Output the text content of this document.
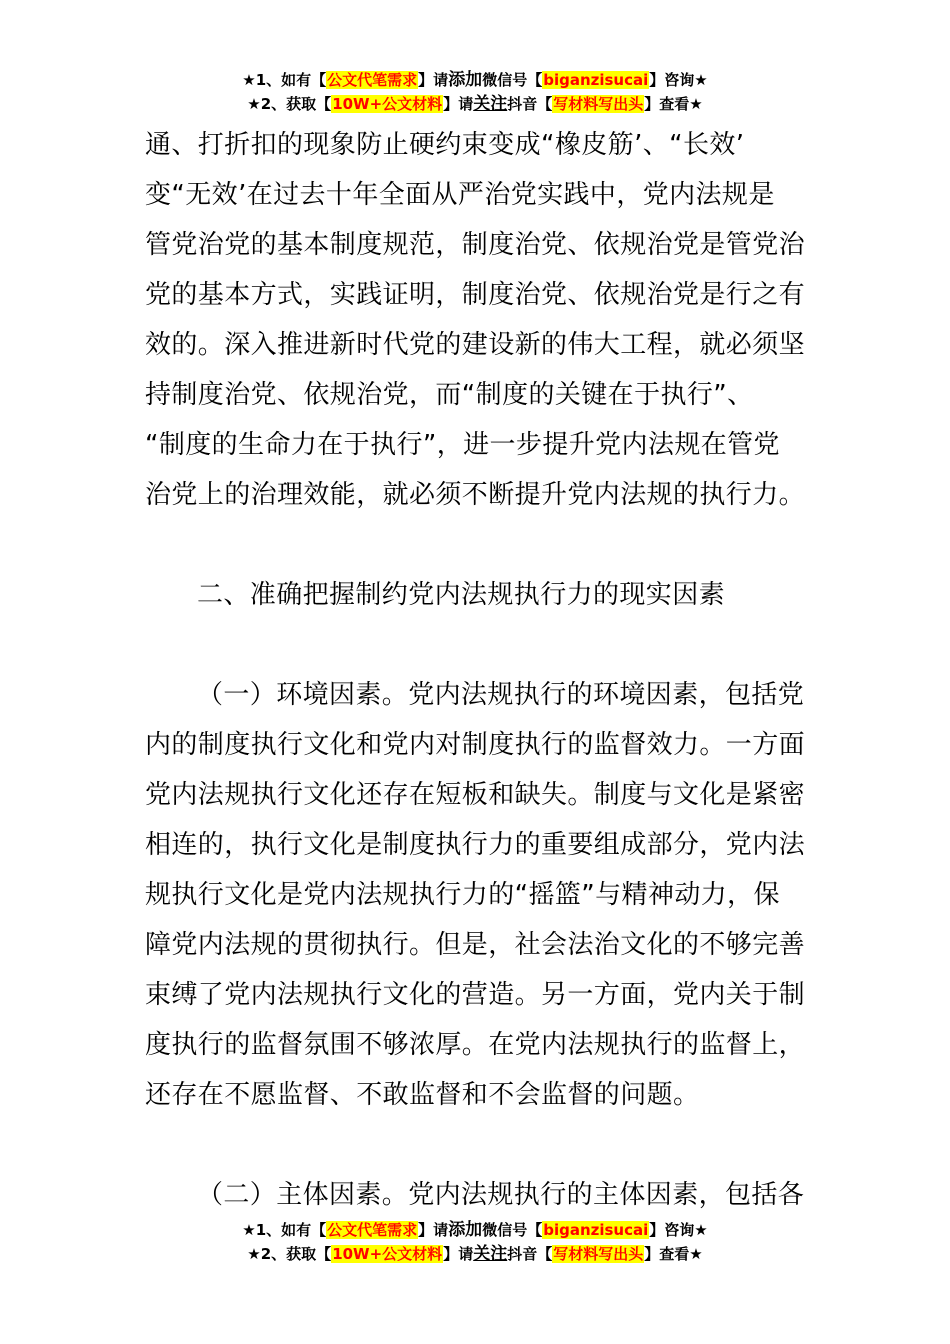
★1、如有【公文代笔需求】请添加微信号【biganzisucai】咨询★
★2、获取【10W+公文材料】请关注抖音【写材料写出头】查看★
通、打折扣的现象防止硬约束变成“橡皮筋’、“长效’
变“无效’在过去十年全面从严治党实践中，党内法规是
管党治党的基本制度规范，制度治党、依规治党是管党治
党的基本方式，实践证明，制度治党、依规治党是行之有
效的。深入推进新时代党的建设新的伟大工程，就必须坚
持制度治党、依规治党，而“制度的关键在于执行”、
“制度的生命力在于执行”，进一步提升党内法规在管党
治党上的治理效能，就必须不断提升党内法规的执行力。
二、准确把握制约党内法规执行力的现实因素
（一）环境因素。党内法规执行的环境因素，包括党
内的制度执行文化和党内对制度执行的监督效力。一方面
党内法规执行文化还存在短板和缺失。制度与文化是紧密
相连的，执行文化是制度执行力的重要组成部分，党内法
规执行文化是党内法规执行力的“摇篮”与精神动力，保
障党内法规的贯彻执行。但是，社会法治文化的不够完善
束缚了党内法规执行文化的营造。另一方面，党内关于制
度执行的监督氛围不够浓厚。在党内法规执行的监督上，
还存在不愿监督、不敢监督和不会监督的问题。
（二）主体因素。党内法规执行的主体因素，包括各
★1、如有【公文代笔需求】请添加微信号【biganzisucai】咨询★
★2、获取【10W+公文材料】请关注抖音【写材料写出头】查看★
